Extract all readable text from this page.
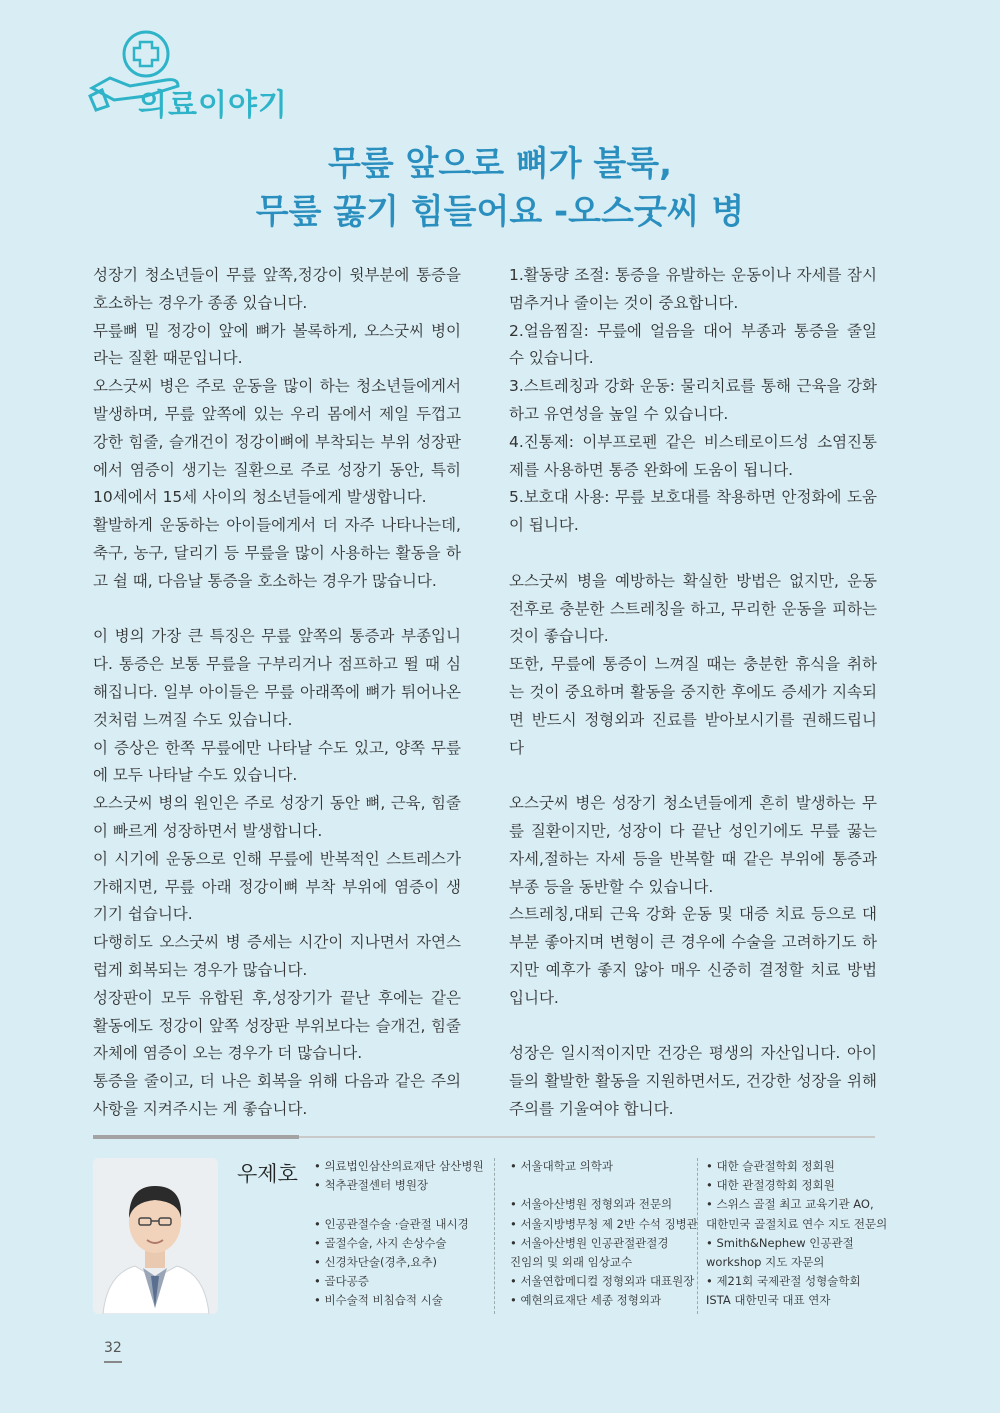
의료이야기
무릎 앞으로 뼈가 불룩,
무릎 꿇기 힘들어요 -오스굿씨 병

성장기 청소년들이 무릎 앞쪽,정강이 윗부분에 통증을 호소하는 경우가 종종 있습니다.

무릎뼈 밑 정강이 앞에 뼈가 볼록하게, 오스굿씨 병이라는 질환 때문입니다.

오스굿씨 병은 주로 운동을 많이 하는 청소년들에게서 발생하며, 무릎 앞쪽에 있는 우리 몸에서 제일 두껍고 강한 힘줄, 슬개건이 정강이뼈에 부착되는 부위 성장판에서 염증이 생기는 질환으로 주로 성장기 동안, 특히 10세에서 15세 사이의 청소년들에게 발생합니다.

활발하게 운동하는 아이들에게서 더 자주 나타나는데, 축구, 농구, 달리기 등 무릎을 많이 사용하는 활동을 하고 쉴 때, 다음날 통증을 호소하는 경우가 많습니다.

이 병의 가장 큰 특징은 무릎 앞쪽의 통증과 부종입니다. 통증은 보통 무릎을 구부리거나 점프하고 뛸 때 심해집니다. 일부 아이들은 무릎 아래쪽에 뼈가 튀어나온 것처럼 느껴질 수도 있습니다.

이 증상은 한쪽 무릎에만 나타날 수도 있고, 양쪽 무릎에 모두 나타날 수도 있습니다.

오스굿씨 병의 원인은 주로 성장기 동안 뼈, 근육, 힘줄이 빠르게 성장하면서 발생합니다.

이 시기에 운동으로 인해 무릎에 반복적인 스트레스가 가해지면, 무릎 아래 정강이뼈 부착 부위에 염증이 생기기 쉽습니다.

다행히도 오스굿씨 병 증세는 시간이 지나면서 자연스럽게 회복되는 경우가 많습니다.

성장판이 모두 유합된 후,성장기가 끝난 후에는 같은 활동에도 정강이 앞쪽 성장판 부위보다는 슬개건, 힘줄 자체에 염증이 오는 경우가 더 많습니다.

통증을 줄이고, 더 나은 회복을 위해 다음과 같은 주의 사항을 지켜주시는 게 좋습니다.

1.활동량 조절: 통증을 유발하는 운동이나 자세를 잠시 멈추거나 줄이는 것이 중요합니다.

2.얼음찜질: 무릎에 얼음을 대어 부종과 통증을 줄일 수 있습니다.

3.스트레칭과 강화 운동: 물리치료를 통해 근육을 강화하고 유연성을 높일 수 있습니다.

4.진통제: 이부프로펜 같은 비스테로이드성 소염진통제를 사용하면 통증 완화에 도움이 됩니다.

5.보호대 사용: 무릎 보호대를 착용하면 안정화에 도움이 됩니다.

오스굿씨 병을 예방하는 확실한 방법은 없지만, 운동 전후로 충분한 스트레칭을 하고, 무리한 운동을 피하는 것이 좋습니다.

또한, 무릎에 통증이 느껴질 때는 충분한 휴식을 취하는 것이 중요하며 활동을 중지한 후에도 증세가 지속되면 반드시 정형외과 진료를 받아보시기를 권해드립니다

오스굿씨 병은 성장기 청소년들에게 흔히 발생하는 무릎 질환이지만, 성장이 다 끝난 성인기에도 무릎 꿇는 자세,절하는 자세 등을 반복할 때 같은 부위에 통증과 부종 등을 동반할 수 있습니다.

스트레칭,대퇴 근육 강화 운동 및 대증 치료 등으로 대부분 좋아지며 변형이 큰 경우에 수술을 고려하기도 하지만 예후가 좋지 않아 매우 신중히 결정할 치료 방법입니다.

성장은 일시적이지만 건강은 평생의 자산입니다. 아이들의 활발한 활동을 지원하면서도, 건강한 성장을 위해 주의를 기울여야 합니다.

우제호 • 의료법인삼산의료재단 삼산병원
• 척추관절센터 병원장
• 인공관절수술 ·슬관절 내시경
• 골절수술, 사지 손상수술
• 신경차단술(경추,요추)
• 골다공증
• 비수술적 비침습적 시술
• 서울대학교 의학과
• 서울아산병원 정형외과 전문의
• 서울지방병무청 제 2반 수석 징병관
• 서울아산병원 인공관절관절경
진임의 및 외래 임상교수
• 서울연합메디컬 정형외과 대표원장
• 예현의료재단 세종 정형외과
• 대한 슬관절학회 정회원
• 대한 관절경학회 정회원
• 스위스 골절 최고 교육기관 AO,
대한민국 골절치료 연수 지도 전문의
• Smith&Nephew 인공관절
workshop 지도 자문의
• 제21회 국제관절 성형술학회
ISTA 대한민국 대표 연자
32
